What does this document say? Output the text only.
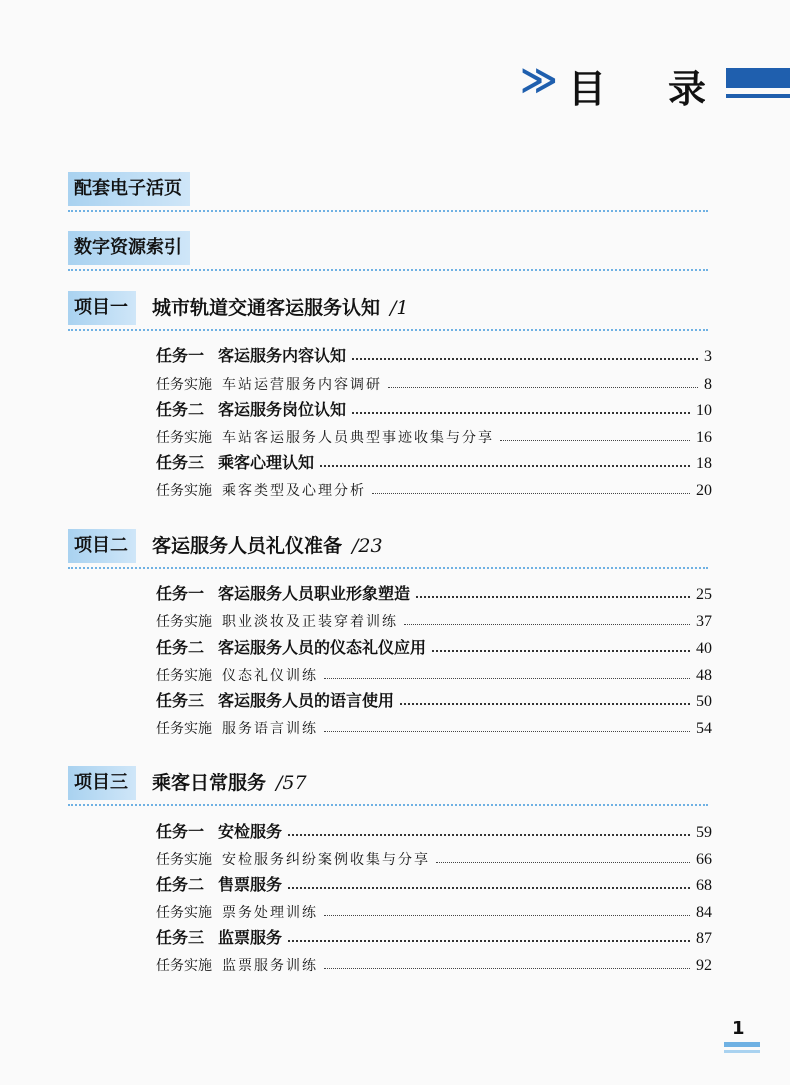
≫ 目 录
配套电子活页
数字资源索引
项目一	城市轨道交通客运服务认知 /1
任务一 客运服务内容认知	3
任务实施 车站运营服务内容调研	8
任务二 客运服务岗位认知	10
任务实施 车站客运服务人员典型事迹收集与分享	16
任务三 乘客心理认知	18
任务实施 乘客类型及心理分析	20
项目二	客运服务人员礼仪准备 /23
任务一 客运服务人员职业形象塑造	25
任务实施 职业淡妆及正装穿着训练	37
任务二 客运服务人员的仪态礼仪应用	40
任务实施 仪态礼仪训练	48
任务三 客运服务人员的语言使用	50
任务实施 服务语言训练	54
项目三	乘客日常服务 /57
任务一 安检服务	59
任务实施 安检服务纠纷案例收集与分享	66
任务二 售票服务	68
任务实施 票务处理训练	84
任务三 监票服务	87
任务实施 监票服务训练	92
1
